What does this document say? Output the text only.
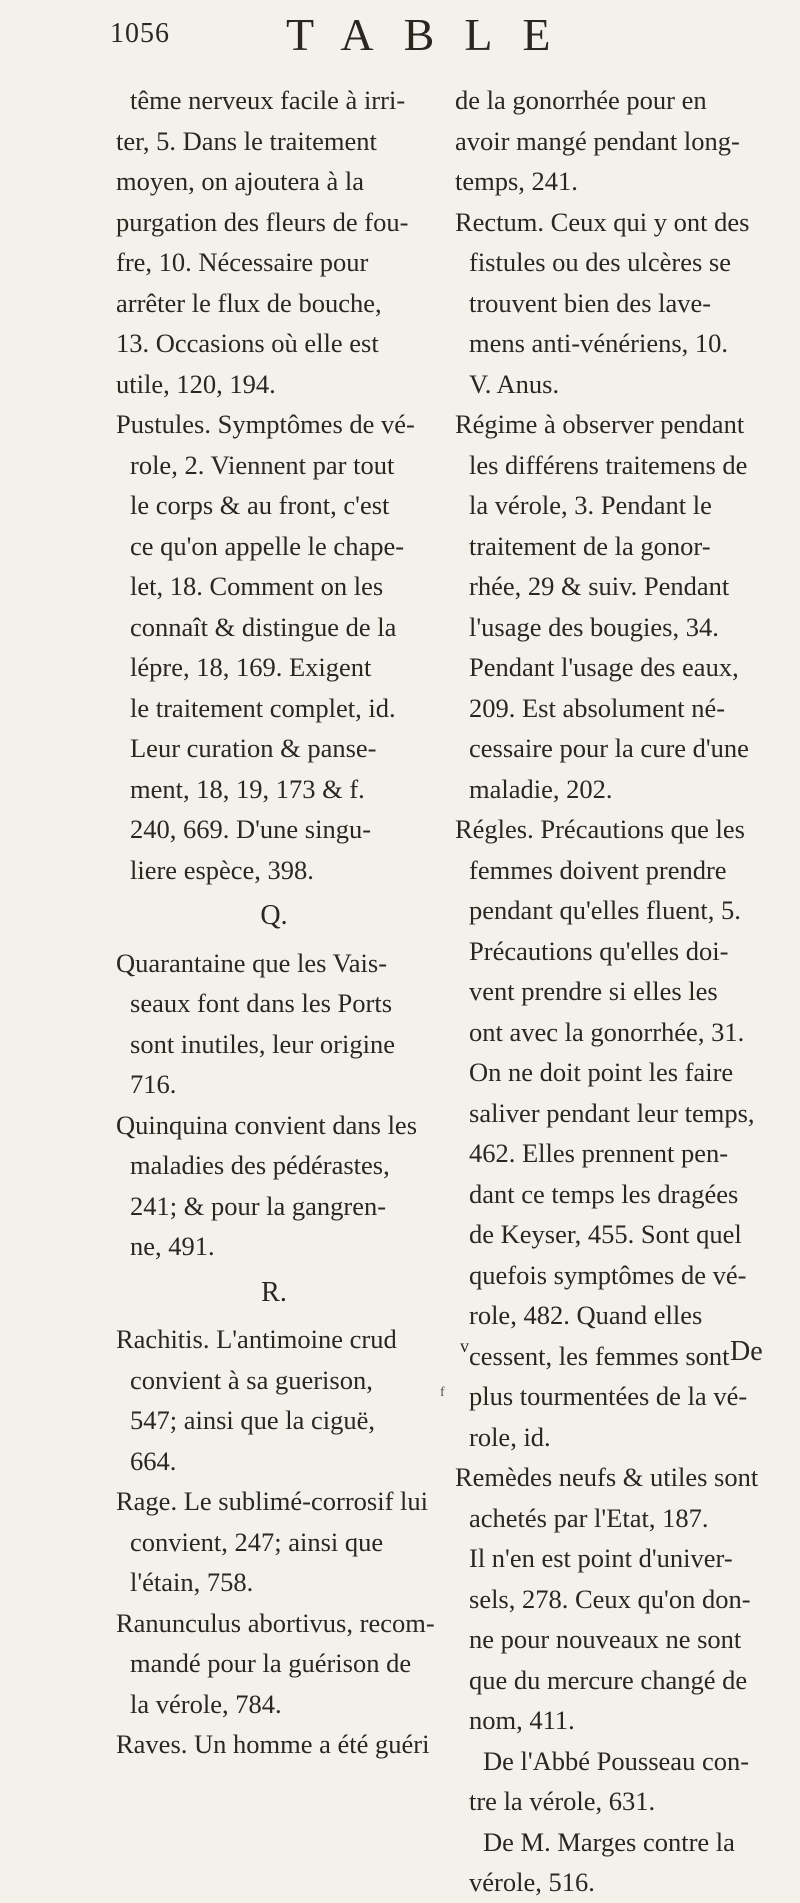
1056	TABLE
tême nerveux facile à irri-
ter, 5. Dans le traitement
moyen, on ajoutera à la
purgation des fleurs de fou-
fre, 10. Nécessaire pour
arrêter le flux de bouche,
13. Occasions où elle est
utile, 120, 194.
Pustules. Symptômes de vé-
role, 2. Viennent par tout
le corps & au front, c'est
ce qu'on appelle le chape-
let, 18. Comment on les
connaît & distingue de la
lépre, 18, 169. Exigent
le traitement complet, id.
Leur curation & panse-
ment, 18, 19, 173 & f.
240, 669. D'une singu-
liere espèce, 398.
Q.
Quarantaine que les Vais-
seaux font dans les Ports
sont inutiles, leur origine
716.
Quinquina convient dans les
maladies des pédérastes,
241; & pour la gangren-
ne, 491.
R.
Rachitis. L'antimoine crud
convient à sa guerison,
547; ainsi que la ciguë,
664.
Rage. Le sublimé-corrosif lui
convient, 247; ainsi que
l'étain, 758.
Ranunculus abortivus, recom-
mandé pour la guérison de
la vérole, 784.
Raves. Un homme a été guéri
de la gonorrhée pour en
avoir mangé pendant long-
temps, 241.
Rectum. Ceux qui y ont des
fistules ou des ulcères se
trouvent bien des lave-
mens anti-vénériens, 10.
V. Anus.
Régime à observer pendant
les différens traitemens de
la vérole, 3. Pendant le
traitement de la gonor-
rhée, 29 & suiv. Pendant
l'usage des bougies, 34.
Pendant l'usage des eaux,
209. Est absolument né-
cessaire pour la cure d'une
maladie, 202.
Régles. Précautions que les
femmes doivent prendre
pendant qu'elles fluent, 5.
Précautions qu'elles doi-
vent prendre si elles les
ont avec la gonorrhée, 31.
On ne doit point les faire
saliver pendant leur temps,
462. Elles prennent pen-
dant ce temps les dragées
de Keyser, 455. Sont quel
quefois symptômes de vé-
role, 482. Quand elles
cessent, les femmes sont
plus tourmentées de la vé-
role, id.
Remèdes neufs & utiles sont
achetés par l'Etat, 187.
Il n'en est point d'univer-
sels, 278. Ceux qu'on don-
ne pour nouveaux ne sont
que du mercure changé de
nom, 411.
De l'Abbé Pousseau con-
tre la vérole, 631.
De M. Marges contre la
vérole, 516.
v	De
f
